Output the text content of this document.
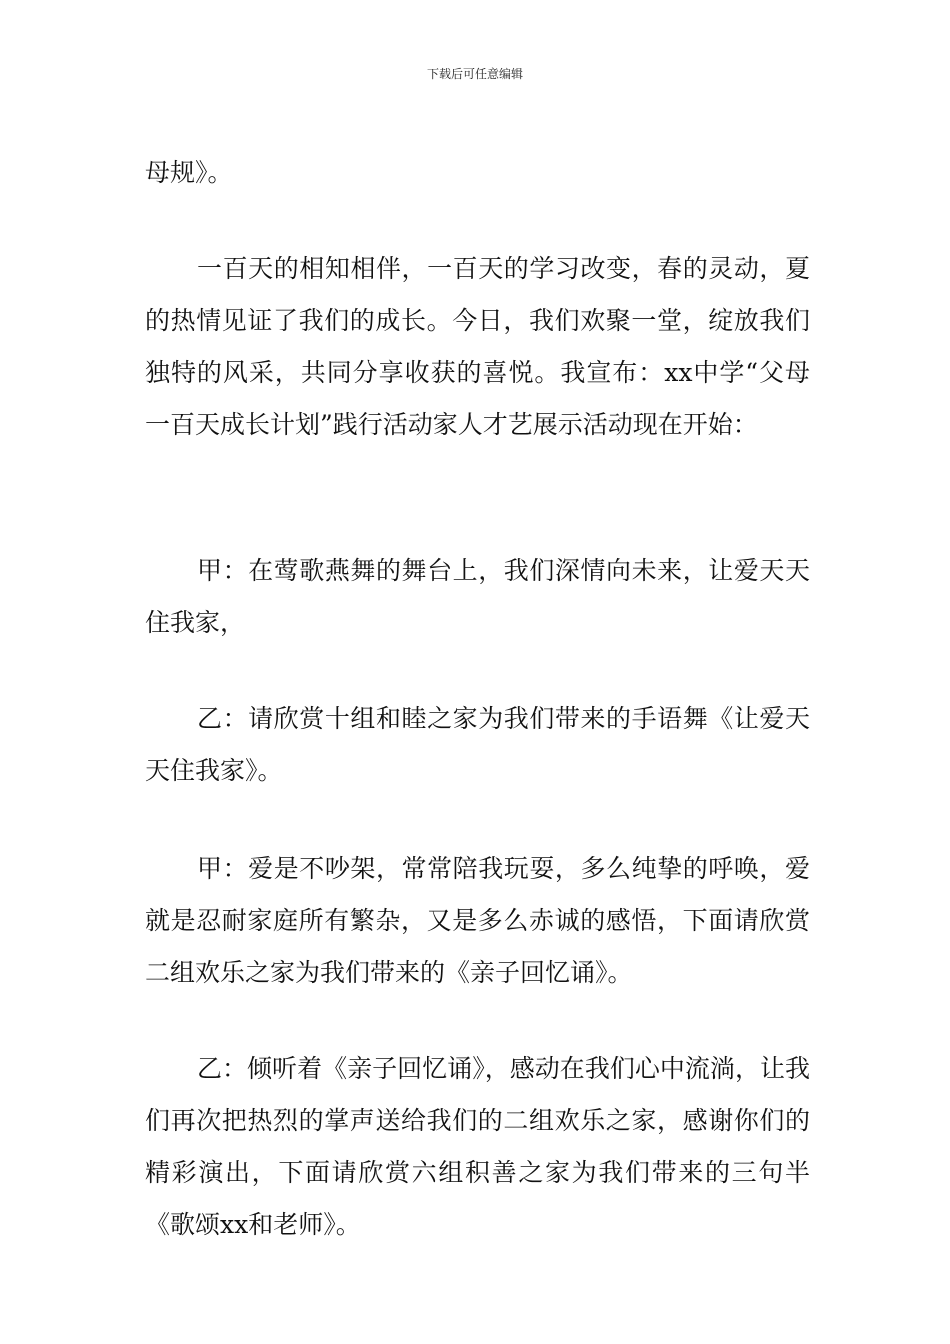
下载后可任意编辑

母规》。

一百天的相知相伴，一百天的学习改变，春的灵动，夏的热情见证了我们的成长。今日，我们欢聚一堂，绽放我们独特的风采，共同分享收获的喜悦。我宣布：xx中学“父母一百天成长计划”践行活动家人才艺展示活动现在开始：

甲：在莺歌燕舞的舞台上，我们深情向未来，让爱天天住我家，

乙：请欣赏十组和睦之家为我们带来的手语舞《让爱天天住我家》。

甲：爱是不吵架，常常陪我玩耍，多么纯挚的呼唤，爱就是忍耐家庭所有繁杂，又是多么赤诚的感悟，下面请欣赏二组欢乐之家为我们带来的《亲子回忆诵》。

乙：倾听着《亲子回忆诵》，感动在我们心中流淌，让我们再次把热烈的掌声送给我们的二组欢乐之家，感谢你们的精彩演出，下面请欣赏六组积善之家为我们带来的三句半《歌颂xx和老师》。
